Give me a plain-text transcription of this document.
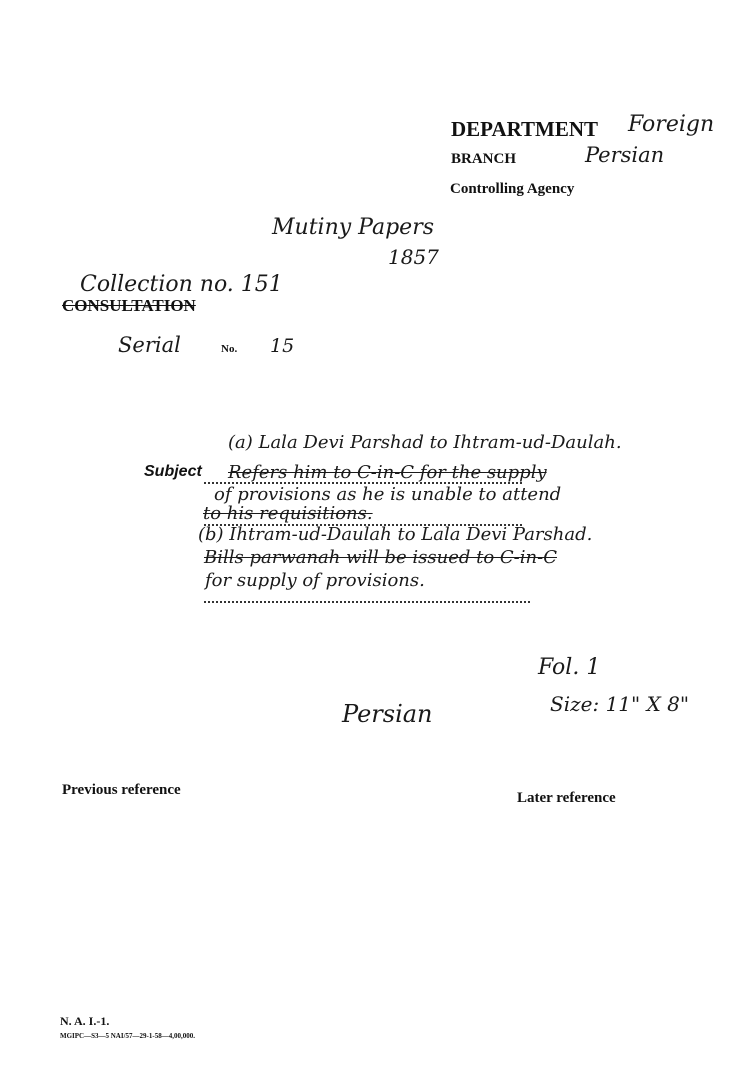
DEPARTMENT Foreign
BRANCH	Persian
Controlling Agency
Mutiny Papers
1857
Collection no. 151
CONSULTATION
Serial	No. 15
Subject
(a) Lala Devi Parshad to Ihtram-ud-Daulah.
Refers him to C-in-C for the supply
of provisions as he is unable to attend
to his requisitions.
(b) Ihtram-ud-Daulah to Lala Devi Parshad.
Bills parwanah will be issued to C-in-C
for supply of provisions.
Fol. 1
Size: 11" X 8"
Persian
Previous reference	Later reference
N. A. I.-1.
MGIPC—S3—5 NAI/57—29-1-58—4,00,000.
